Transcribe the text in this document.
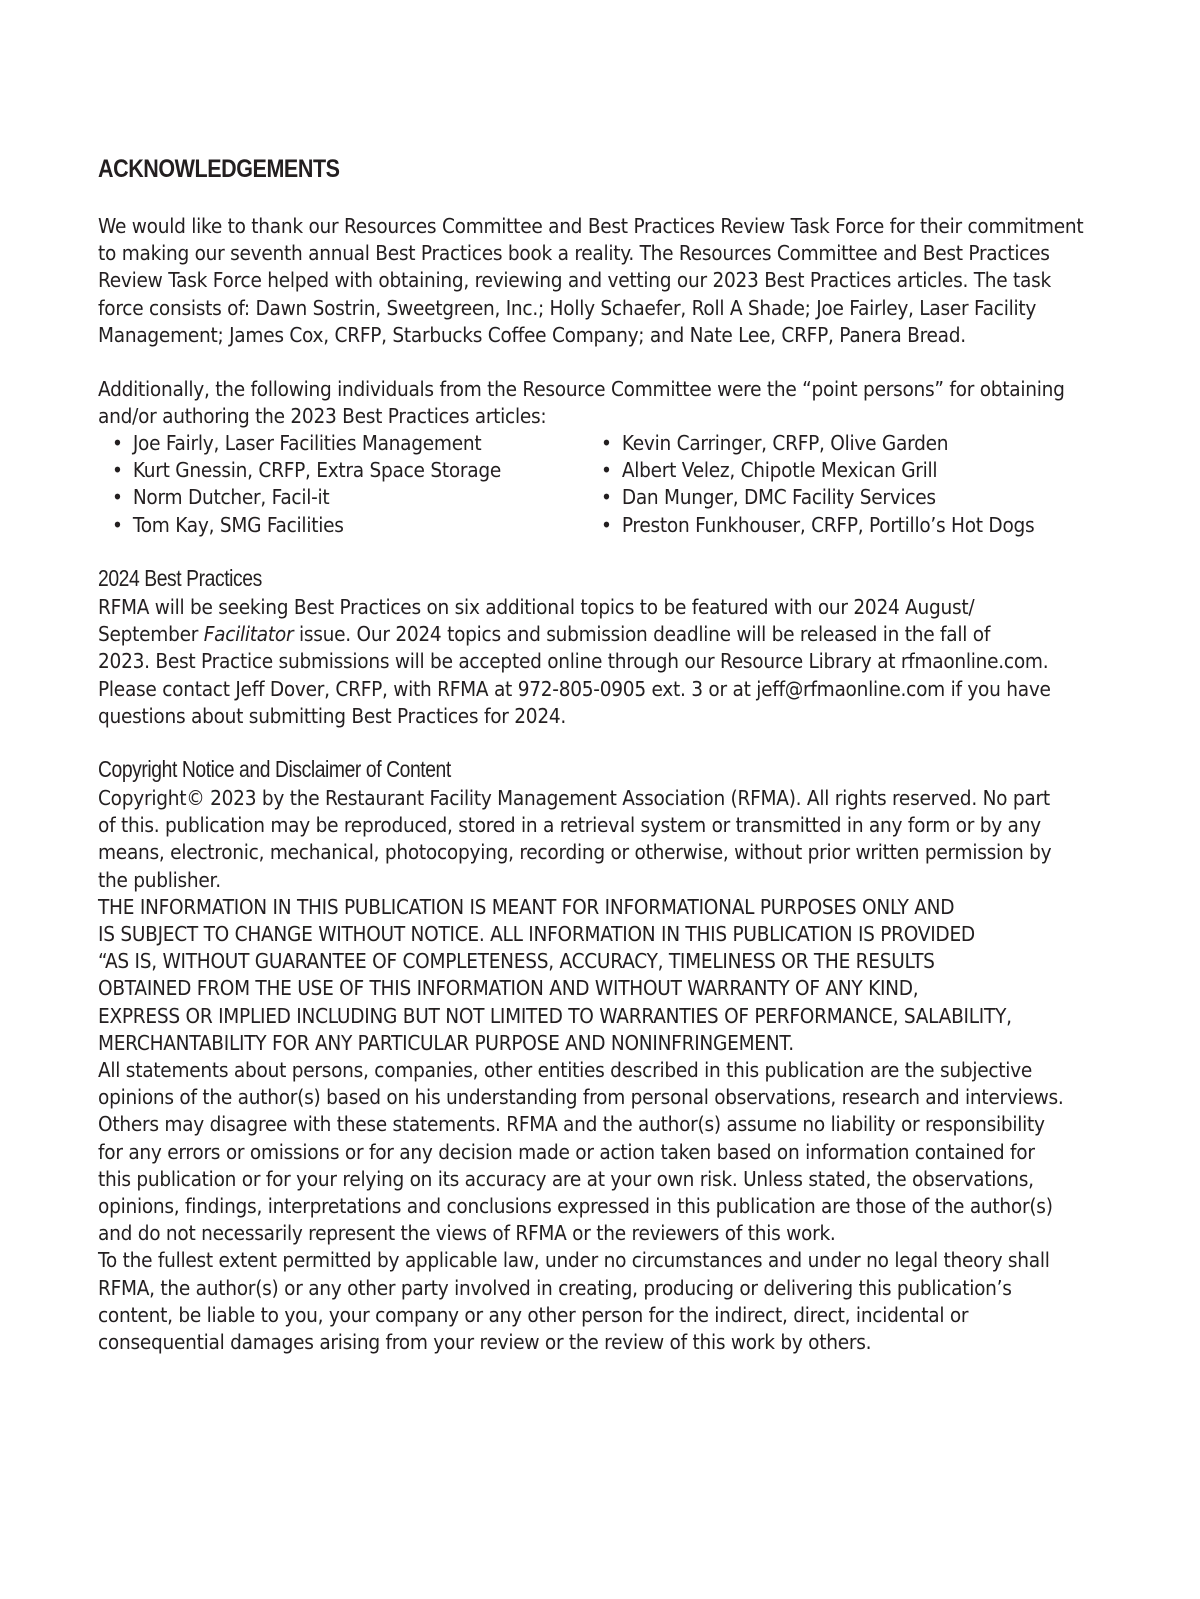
ACKNOWLEDGEMENTS

We would like to thank our Resources Committee and Best Practices Review Task Force for their commitment
to making our seventh annual Best Practices book a reality. The Resources Committee and Best Practices
Review Task Force helped with obtaining, reviewing and vetting our 2023 Best Practices articles. The task
force consists of: Dawn Sostrin, Sweetgreen, Inc.; Holly Schaefer, Roll A Shade; Joe Fairley, Laser Facility
Management; James Cox, CRFP, Starbucks Coffee Company; and Nate Lee, CRFP, Panera Bread.

Additionally, the following individuals from the Resource Committee were the “point persons” for obtaining
and/or authoring the 2023 Best Practices articles:

• Joe Fairly, Laser Facilities Management
• Kurt Gnessin, CRFP, Extra Space Storage
• Norm Dutcher, Facil-it
• Tom Kay, SMG Facilities
• Kevin Carringer, CRFP, Olive Garden
• Albert Velez, Chipotle Mexican Grill
• Dan Munger, DMC Facility Services
• Preston Funkhouser, CRFP, Portillo’s Hot Dogs
2024 Best Practices

RFMA will be seeking Best Practices on six additional topics to be featured with our 2024 August/
September Facilitator issue. Our 2024 topics and submission deadline will be released in the fall of
2023. Best Practice submissions will be accepted online through our Resource Library at rfmaonline.com.
Please contact Jeff Dover, CRFP, with RFMA at 972-805-0905 ext. 3 or at jeff@rfmaonline.com if you have
questions about submitting Best Practices for 2024.

Copyright Notice and Disclaimer of Content

Copyright© 2023 by the Restaurant Facility Management Association (RFMA). All rights reserved. No part
of this. publication may be reproduced, stored in a retrieval system or transmitted in any form or by any
means, electronic, mechanical, photocopying, recording or otherwise, without prior written permission by
the publisher.
THE INFORMATION IN THIS PUBLICATION IS MEANT FOR INFORMATIONAL PURPOSES ONLY AND
IS SUBJECT TO CHANGE WITHOUT NOTICE. ALL INFORMATION IN THIS PUBLICATION IS PROVIDED
“AS IS, WITHOUT GUARANTEE OF COMPLETENESS, ACCURACY, TIMELINESS OR THE RESULTS
OBTAINED FROM THE USE OF THIS INFORMATION AND WITHOUT WARRANTY OF ANY KIND,
EXPRESS OR IMPLIED INCLUDING BUT NOT LIMITED TO WARRANTIES OF PERFORMANCE, SALABILITY,
MERCHANTABILITY FOR ANY PARTICULAR PURPOSE AND NONINFRINGEMENT.
All statements about persons, companies, other entities described in this publication are the subjective
opinions of the author(s) based on his understanding from personal observations, research and interviews.
Others may disagree with these statements. RFMA and the author(s) assume no liability or responsibility
for any errors or omissions or for any decision made or action taken based on information contained for
this publication or for your relying on its accuracy are at your own risk. Unless stated, the observations,
opinions, findings, interpretations and conclusions expressed in this publication are those of the author(s)
and do not necessarily represent the views of RFMA or the reviewers of this work.
To the fullest extent permitted by applicable law, under no circumstances and under no legal theory shall
RFMA, the author(s) or any other party involved in creating, producing or delivering this publication’s
content, be liable to you, your company or any other person for the indirect, direct, incidental or
consequential damages arising from your review or the review of this work by others.
